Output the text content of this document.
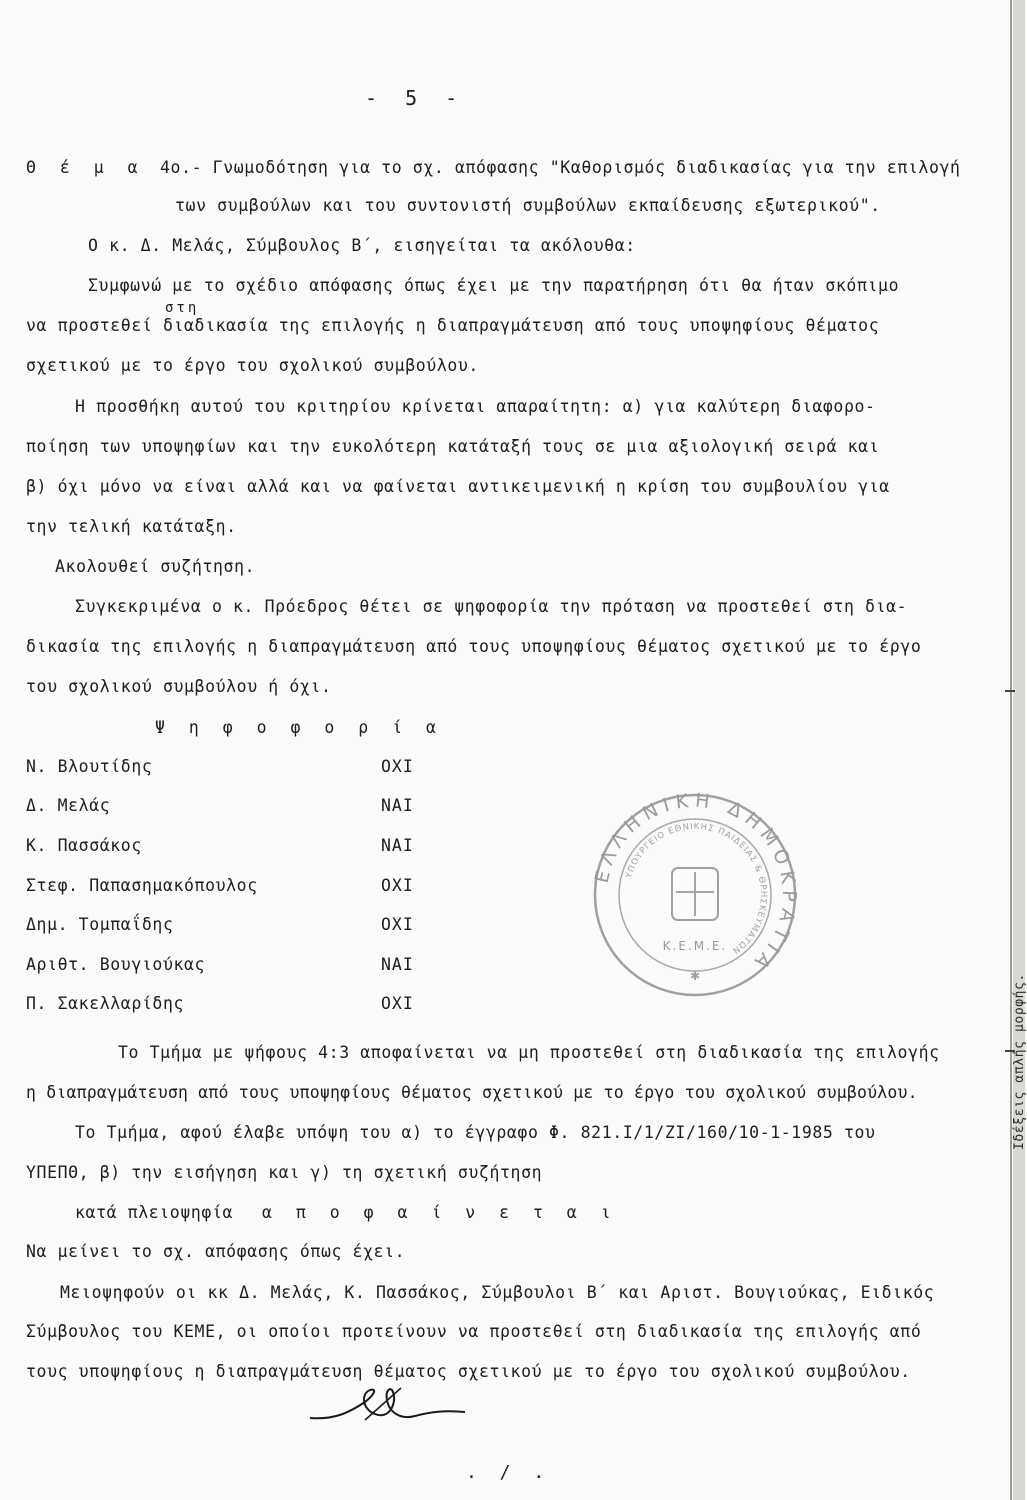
- 5 -
Θ έ μ α 4ο.- Γνωμοδότηση για το σχ. απόφασης "Καθορισμός διαδικασίας για την επιλογή
των συμβούλων και του συντονιστή συμβούλων εκπαίδευσης εξωτερικού".
Ο κ. Δ. Μελάς, Σύμβουλος Β΄, εισηγείται τα ακόλουθα:
Συμφωνώ με το σχέδιο απόφασης όπως έχει με την παρατήρηση ότι θα ήταν σκόπιμο
στη
να προστεθεί διαδικασία της επιλογής η διαπραγμάτευση από τους υποψηφίους θέματος
σχετικού με το έργο του σχολικού συμβούλου.
Η προσθήκη αυτού του κριτηρίου κρίνεται απαραίτητη: α) για καλύτερη διαφορο-
ποίηση των υποψηφίων και την ευκολότερη κατάταξή τους σε μια αξιολογική σειρά και
β) όχι μόνο να είναι αλλά και να φαίνεται αντικειμενική η κρίση του συμβουλίου για
την τελική κατάταξη.
Ακολουθεί συζήτηση.
Συγκεκριμένα ο κ. Πρόεδρος θέτει σε ψηφοφορία την πρόταση να προστεθεί στη δια-
δικασία της επιλογής η διαπραγμάτευση από τους υποψηφίους θέματος σχετικού με το έργο
του σχολικού συμβούλου ή όχι.
Ψ η φ ο φ ο ρ ί α
Ν. Βλουτίδης	ΟΧΙ
Δ. Μελάς	ΝΑΙ
Κ. Πασσάκος	ΝΑΙ
Στεφ. Παπασημακόπουλος	ΟΧΙ
Δημ. Τομπαΐδης	ΟΧΙ
Αριθτ. Βουγιούκας	ΝΑΙ
Π. Σακελλαρίδης	ΟΧΙ
ΕΛΛΗΝΙΚΗ ΔΗΜΟΚΡΑΤΙΑ
ΥΠΟΥΡΓΕΙΟ ΕΘΝΙΚΗΣ ΠΑΙΔΕΙΑΣ & ΘΡΗΣΚΕΥΜΑΤΩΝ
Κ.Ε.Μ.Ε.
✱
Το Τμήμα με ψήφους 4:3 αποφαίνεται να μη προστεθεί στη διαδικασία της επιλογής
η διαπραγμάτευση από τους υποψηφίους θέματος σχετικού με το έργο του σχολικού συμβούλου.
Το Τμήμα, αφού έλαβε υπόψη του α) το έγγραφο Φ. 821.Ι/1/ΖΙ/160/10-1-1985 του
ΥΠΕΠΘ, β) την εισήγηση και γ) τη σχετική συζήτηση
κατά πλειοψηφία α π ο φ α ί ν ε τ α ι
Να μείνει το σχ. απόφασης όπως έχει.
Μειοψηφούν οι κκ Δ. Μελάς, Κ. Πασσάκος, Σύμβουλοι Β΄ και Αριστ. Βουγιούκας, Ειδικός
Σύμβουλος του ΚΕΜΕ, οι οποίοι προτείνουν να προστεθεί στη διαδικασία της επιλογής από
τους υποψηφίους η διαπραγμάτευση θέματος σχετικού με το έργο του σχολικού συμβούλου.
. / .
Ιδέξεις απλής μορφής.
